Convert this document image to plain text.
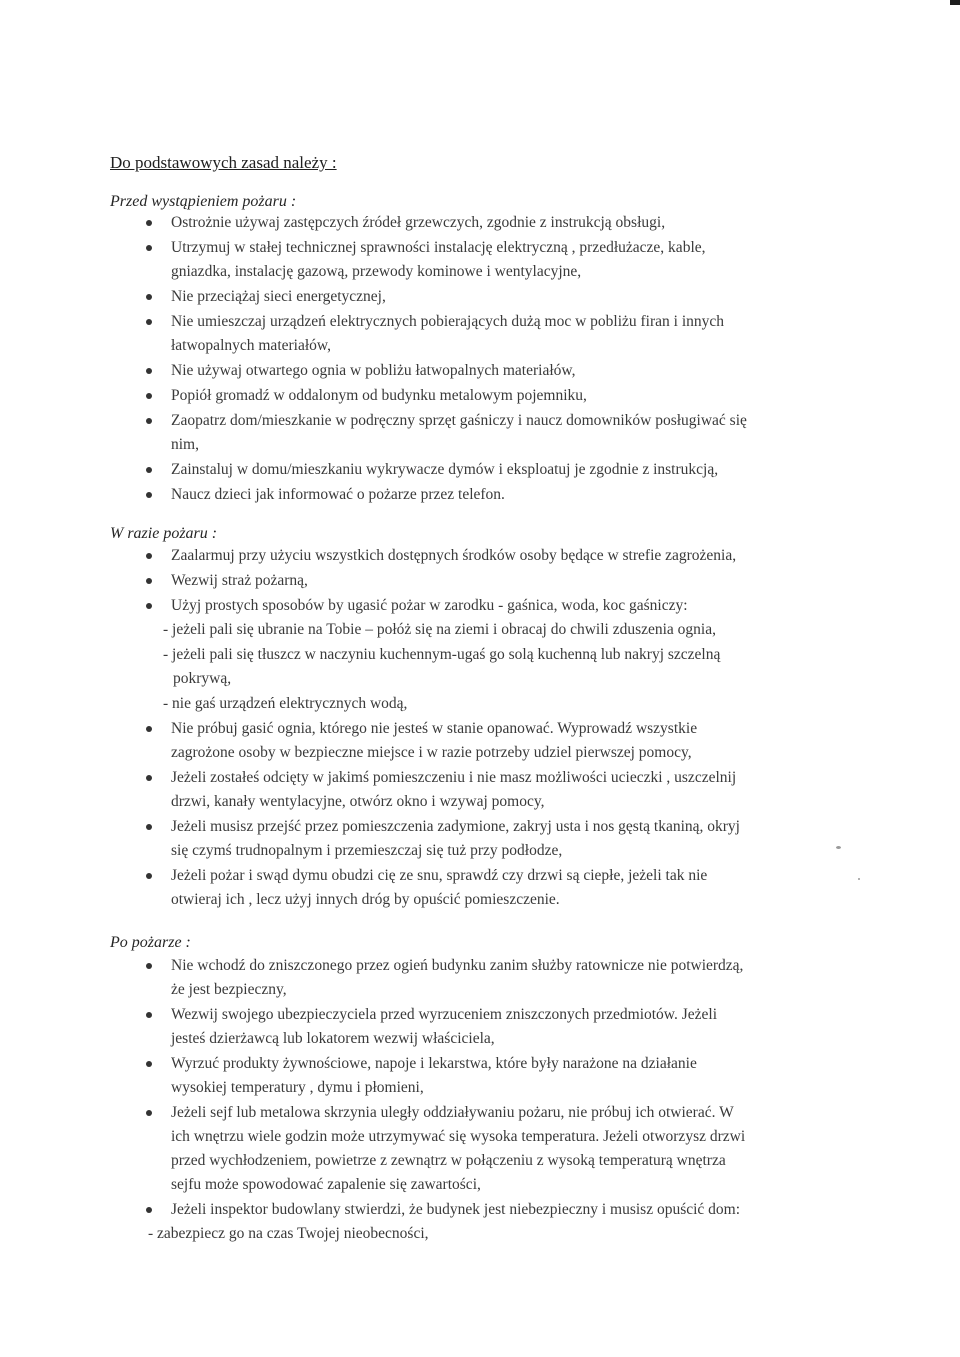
Do podstawowych zasad należy :
Przed wystąpieniem pożaru :
Ostrożnie używaj zastępczych źródeł grzewczych, zgodnie z instrukcją obsługi,
Utrzymuj w stałej technicznej sprawności instalację elektryczną , przedłużacze, kable,
gniazdka, instalację gazową, przewody kominowe i wentylacyjne,
Nie przeciążaj sieci energetycznej,
Nie umieszczaj urządzeń elektrycznych pobierających dużą moc w pobliżu firan i innych
łatwopalnych materiałów,
Nie używaj otwartego ognia w pobliżu łatwopalnych materiałów,
Popiół gromadź w oddalonym od budynku metalowym pojemniku,
Zaopatrz dom/mieszkanie w podręczny sprzęt gaśniczy i naucz domowników posługiwać się
nim,
Zainstaluj w domu/mieszkaniu wykrywacze dymów i eksploatuj je zgodnie z instrukcją,
Naucz dzieci jak informować o pożarze przez telefon.
W razie pożaru :
Zaalarmuj przy użyciu wszystkich dostępnych środków osoby będące w strefie zagrożenia,
Wezwij straż pożarną,
Użyj prostych sposobów by ugasić pożar w zarodku - gaśnica, woda, koc gaśniczy:
- jeżeli pali się ubranie na Tobie – połóż się na ziemi i obracaj do chwili zduszenia ognia,
- jeżeli pali się tłuszcz w naczyniu kuchennym-ugaś go solą kuchenną lub nakryj szczelną
pokrywą,
- nie gaś urządzeń elektrycznych wodą,
Nie próbuj gasić ognia, którego nie jesteś w stanie opanować. Wyprowadź wszystkie
zagrożone osoby w bezpieczne miejsce i w razie potrzeby udziel pierwszej pomocy,
Jeżeli zostałeś odcięty w jakimś pomieszczeniu i nie masz możliwości ucieczki , uszczelnij
drzwi, kanały wentylacyjne, otwórz okno i wzywaj pomocy,
Jeżeli musisz przejść przez pomieszczenia zadymione, zakryj usta i nos gęstą tkaniną, okryj
się czymś trudnopalnym i przemieszczaj się tuż przy podłodze,
Jeżeli pożar i swąd dymu obudzi cię ze snu, sprawdź czy drzwi są ciepłe, jeżeli tak nie
otwieraj ich , lecz użyj innych dróg by opuścić pomieszczenie.
Po pożarze :
Nie wchodź do zniszczonego przez ogień budynku zanim służby ratownicze nie potwierdzą,
że jest bezpieczny,
Wezwij swojego ubezpieczyciela przed wyrzuceniem zniszczonych przedmiotów. Jeżeli
jesteś dzierżawcą lub lokatorem wezwij właściciela,
Wyrzuć produkty żywnościowe, napoje i lekarstwa, które były narażone na działanie
wysokiej temperatury , dymu i płomieni,
Jeżeli sejf lub metalowa skrzynia uległy oddziaływaniu pożaru, nie próbuj ich otwierać. W
ich wnętrzu wiele godzin może utrzymywać się wysoka temperatura. Jeżeli otworzysz drzwi
przed wychłodzeniem, powietrze z zewnątrz w połączeniu z wysoką temperaturą wnętrza
sejfu może spowodować zapalenie się zawartości,
Jeżeli inspektor budowlany stwierdzi, że budynek jest niebezpieczny i musisz opuścić dom:
- zabezpiecz go na czas Twojej nieobecności,
